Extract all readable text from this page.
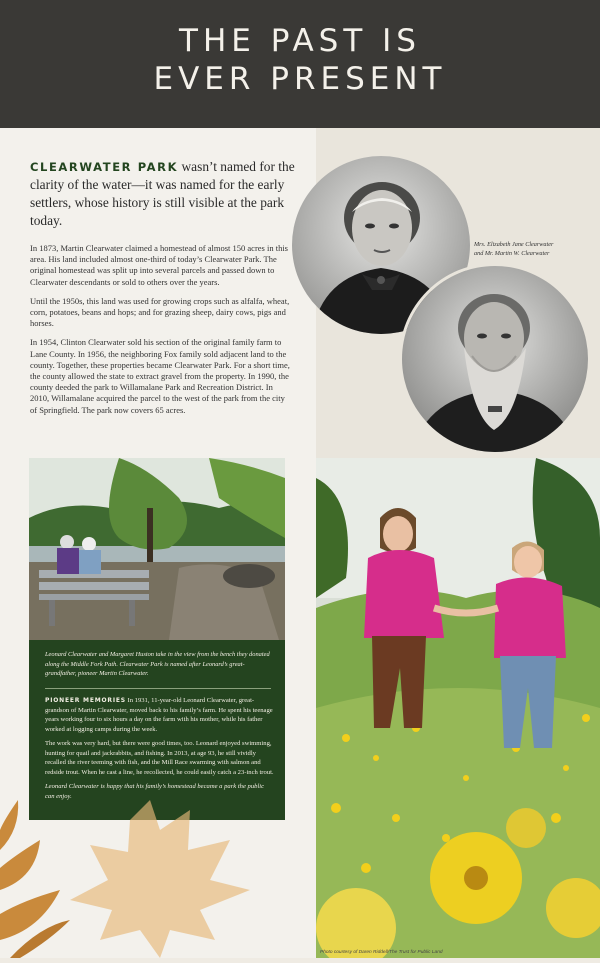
THE PAST IS
EVER PRESENT
CLEARWATER PARK wasn’t named for the clarity of the water—it was named for the early settlers, whose history is still visible at the park today.

In 1873, Martin Clearwater claimed a homestead of almost 150 acres in this area. His land included almost one-third of today’s Clearwater Park. The original homestead was split up into several parcels and passed down to Clearwater descendants or sold to others over the years.

Until the 1950s, this land was used for growing crops such as alfalfa, wheat, corn, potatoes, beans and hops; and for grazing sheep, dairy cows, pigs and horses.

In 1954, Clinton Clearwater sold his section of the original family farm to Lane County. In 1956, the neighboring Fox family sold adjacent land to the county. Together, these properties became Clearwater Park. For a short time, the county allowed the state to extract gravel from the property. In 1990, the county deeded the park to Willamalane Park and Recreation District. In 2010, Willamalane acquired the parcel to the west of the park from the city of Springfield. The park now covers 65 acres.

Mrs. Elizabeth Jane Clearwater
and Mr. Martin W. Clearwater
Leonard Clearwater and Margaret Huston take in the view from the bench they donated along the Middle Fork Path. Clearwater Park is named after Leonard’s great-grandfather, pioneer Martin Clearwater.

PIONEER MEMORIES In 1931, 11-year-old Leonard Clearwater, great-grandson of Martin Clearwater, moved back to his family’s farm. He spent his teenage years working four to six hours a day on the farm with his mother, while his father worked at logging camps during the week.

The work was very hard, but there were good times, too. Leonard enjoyed swimming, hunting for quail and jackrabbits, and fishing. In 2013, at age 93, he still vividly recalled the river teeming with fish, and the Mill Race swarming with salmon and redside trout. When he cast a line, he recollected, he could easily catch a 23-inch trout.

Leonard Clearwater is happy that his family’s homestead became a park the public can enjoy.

Photo courtesy of Daren Riddell/The Trust for Public Land
